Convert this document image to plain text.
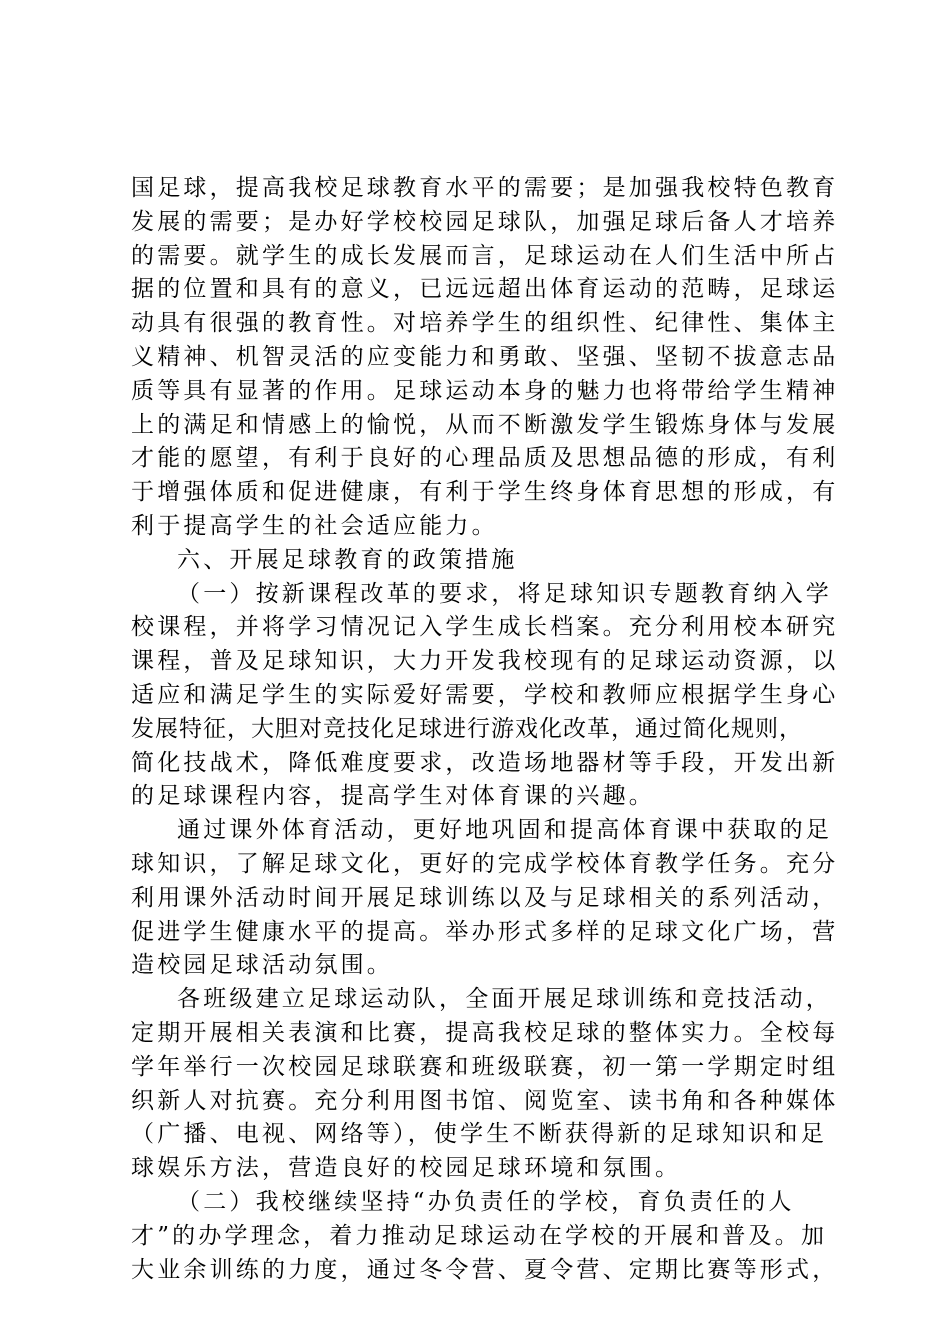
国足球，提高我校足球教育水平的需要；是加强我校特色教育
发展的需要；是办好学校校园足球队，加强足球后备人才培养
的需要。就学生的成长发展而言，足球运动在人们生活中所占
据的位置和具有的意义，已远远超出体育运动的范畴，足球运
动具有很强的教育性。对培养学生的组织性、纪律性、集体主
义精神、机智灵活的应变能力和勇敢、坚强、坚韧不拔意志品
质等具有显著的作用。足球运动本身的魅力也将带给学生精神
上的满足和情感上的愉悦，从而不断激发学生锻炼身体与发展
才能的愿望，有利于良好的心理品质及思想品德的形成，有利
于增强体质和促进健康，有利于学生终身体育思想的形成，有
利于提高学生的社会适应能力。
六、开展足球教育的政策措施
（一）按新课程改革的要求，将足球知识专题教育纳入学
校课程，并将学习情况记入学生成长档案。充分利用校本研究
课程，普及足球知识，大力开发我校现有的足球运动资源，以
适应和满足学生的实际爱好需要，学校和教师应根据学生身心
发展特征，大胆对竞技化足球进行游戏化改革，通过简化规则，
简化技战术，降低难度要求，改造场地器材等手段，开发出新
的足球课程内容，提高学生对体育课的兴趣。
通过课外体育活动，更好地巩固和提高体育课中获取的足
球知识，了解足球文化，更好的完成学校体育教学任务。充分
利用课外活动时间开展足球训练以及与足球相关的系列活动，
促进学生健康水平的提高。举办形式多样的足球文化广场，营
造校园足球活动氛围。
各班级建立足球运动队，全面开展足球训练和竞技活动，
定期开展相关表演和比赛，提高我校足球的整体实力。全校每
学年举行一次校园足球联赛和班级联赛，初一第一学期定时组
织新人对抗赛。充分利用图书馆、阅览室、读书角和各种媒体
（广播、电视、网络等），使学生不断获得新的足球知识和足
球娱乐方法，营造良好的校园足球环境和氛围。
（二）我校继续坚持“办负责任的学校，育负责任的人
才”的办学理念，着力推动足球运动在学校的开展和普及。加
大业余训练的力度，通过冬令营、夏令营、定期比赛等形式，
